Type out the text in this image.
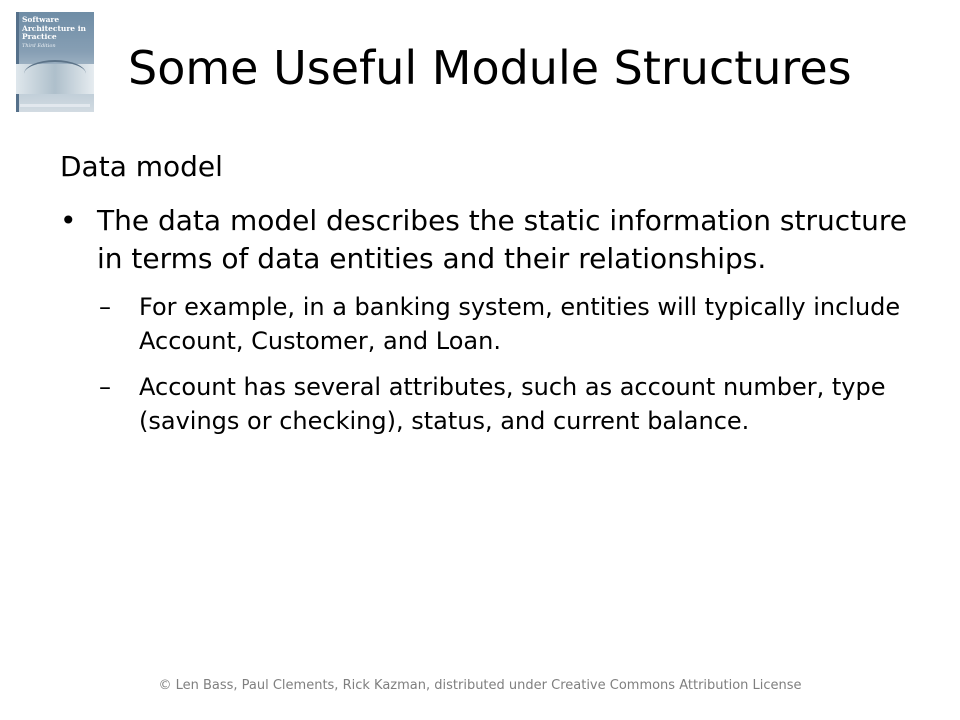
Software Architecture in Practice
Third Edition Some Useful Module Structures
Data model
• The data model describes the static information structure in terms of data entities and their relationships.
– For example, in a banking system, entities will typically include Account, Customer, and Loan.
– Account has several attributes, such as account number, type (savings or checking), status, and current balance.
© Len Bass, Paul Clements, Rick Kazman, distributed under Creative Commons Attribution License
